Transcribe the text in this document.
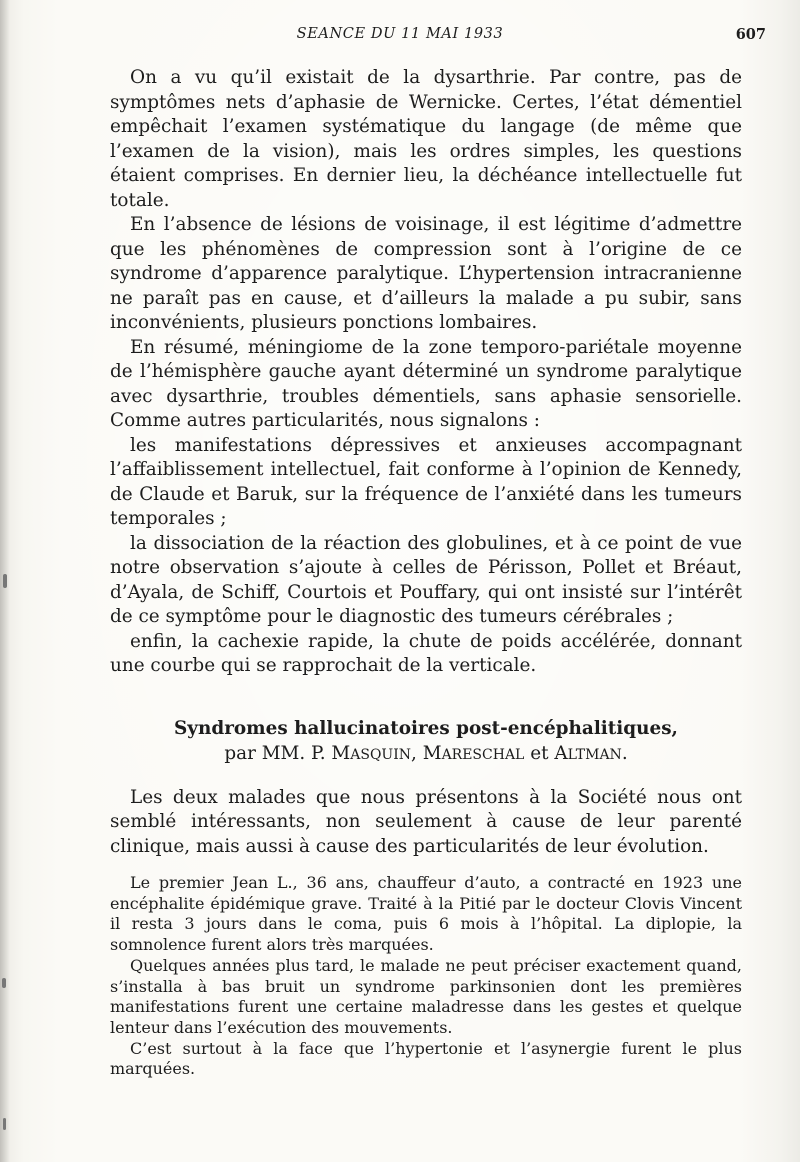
SEANCE DU 11 MAI 1933	607

On a vu qu’il existait de la dysarthrie. Par contre, pas de symptômes nets d’aphasie de Wernicke. Certes, l’état démentiel empêchait l’examen systématique du langage (de même que l’examen de la vision), mais les ordres simples, les questions étaient comprises. En dernier lieu, la déchéance intellectuelle fut totale.

En l’absence de lésions de voisinage, il est légitime d’admettre que les phénomènes de compression sont à l’origine de ce syndrome d’apparence paralytique. L’hypertension intracranienne ne paraît pas en cause, et d’ailleurs la malade a pu subir, sans inconvénients, plusieurs ponctions lombaires.

En résumé, méningiome de la zone temporo-pariétale moyenne de l’hémisphère gauche ayant déterminé un syndrome paralytique avec dysarthrie, troubles démentiels, sans aphasie sensorielle. Comme autres particularités, nous signalons :

les manifestations dépressives et anxieuses accompagnant l’affaiblissement intellectuel, fait conforme à l’opinion de Kennedy, de Claude et Baruk, sur la fréquence de l’anxiété dans les tumeurs temporales ;

la dissociation de la réaction des globulines, et à ce point de vue notre observation s’ajoute à celles de Périsson, Pollet et Bréaut, d’Ayala, de Schiff, Courtois et Pouffary, qui ont insisté sur l’intérêt de ce symptôme pour le diagnostic des tumeurs cérébrales ;

enfin, la cachexie rapide, la chute de poids accélérée, donnant une courbe qui se rapprochait de la verticale.

Syndromes hallucinatoires post-encéphalitiques,
par MM. P. MASQUIN, MARESCHAL et ALTMAN.

Les deux malades que nous présentons à la Société nous ont semblé intéressants, non seulement à cause de leur parenté clinique, mais aussi à cause des particularités de leur évolution.

Le premier Jean L., 36 ans, chauffeur d’auto, a contracté en 1923 une encéphalite épidémique grave. Traité à la Pitié par le docteur Clovis Vincent il resta 3 jours dans le coma, puis 6 mois à l’hôpital. La diplopie, la somnolence furent alors très marquées.

Quelques années plus tard, le malade ne peut préciser exactement quand, s’installa à bas bruit un syndrome parkinsonien dont les premières manifestations furent une certaine maladresse dans les gestes et quelque lenteur dans l’exécution des mouvements.

C’est surtout à la face que l’hypertonie et l’asynergie furent le plus marquées.
